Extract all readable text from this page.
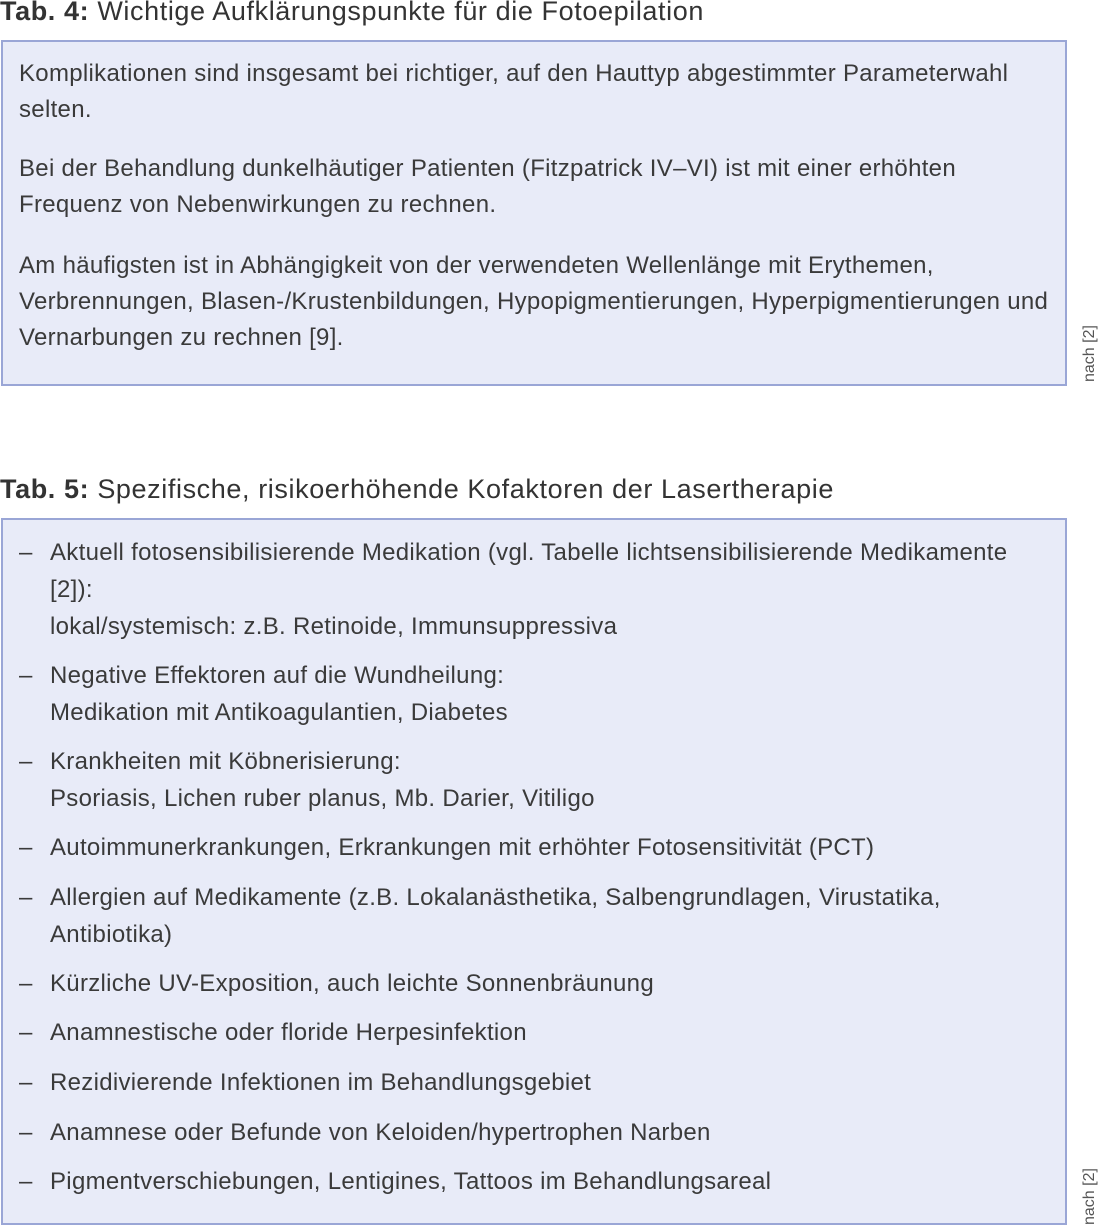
Tab. 4: Wichtige Aufklärungspunkte für die Fotoepilation
Komplikationen sind insgesamt bei richtiger, auf den Hauttyp abgestimmter Parameterwahl selten.
Bei der Behandlung dunkelhäutiger Patienten (Fitzpatrick IV–VI) ist mit einer erhöhten Frequenz von Nebenwirkungen zu rechnen.
Am häufigsten ist in Abhängigkeit von der verwendeten Wellenlänge mit Erythemen, Verbrennungen, Blasen-/Krustenbildungen, Hypopigmentierungen, Hyperpigmentierungen und Vernarbungen zu rechnen [9].	nach [2]
Tab. 5: Spezifische, risikoerhöhende Kofaktoren der Lasertherapie
– Aktuell fotosensibilisierende Medikation (vgl. Tabelle lichtsensibilisierende Medikamente [2]):
lokal/systemisch: z.B. Retinoide, Immunsuppressiva
– Negative Effektoren auf die Wundheilung:
Medikation mit Antikoagulantien, Diabetes
– Krankheiten mit Köbnerisierung:
Psoriasis, Lichen ruber planus, Mb. Darier, Vitiligo
– Autoimmunerkrankungen, Erkrankungen mit erhöhter Fotosensitivität (PCT)
– Allergien auf Medikamente (z.B. Lokalanästhetika, Salbengrundlagen, Virustatika, Antibiotika)
– Kürzliche UV-Exposition, auch leichte Sonnenbräunung
– Anamnestische oder floride Herpesinfektion
– Rezidivierende Infektionen im Behandlungsgebiet
– Anamnese oder Befunde von Keloiden/hypertrophen Narben
– Pigmentverschiebungen, Lentigines, Tattoos im Behandlungsareal	nach [2]
